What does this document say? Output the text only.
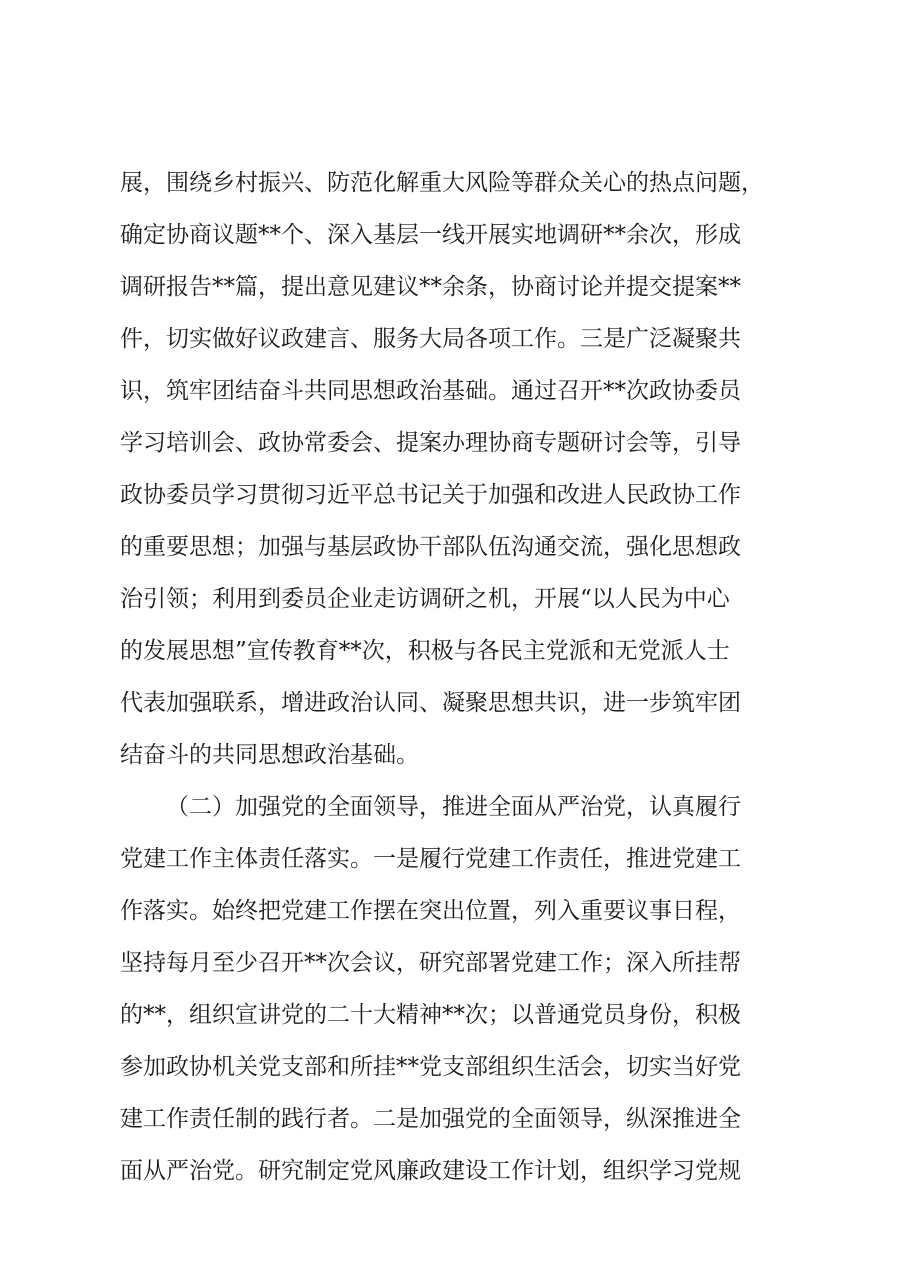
展，围绕乡村振兴、防范化解重大风险等群众关心的热点问题，
确定协商议题**个、深入基层一线开展实地调研**余次，形成
调研报告**篇，提出意见建议**余条，协商讨论并提交提案**
件，切实做好议政建言、服务大局各项工作。三是广泛凝聚共
识，筑牢团结奋斗共同思想政治基础。通过召开**次政协委员
学习培训会、政协常委会、提案办理协商专题研讨会等，引导
政协委员学习贯彻习近平总书记关于加强和改进人民政协工作
的重要思想；加强与基层政协干部队伍沟通交流，强化思想政
治引领；利用到委员企业走访调研之机，开展“以人民为中心
的发展思想”宣传教育**次，积极与各民主党派和无党派人士
代表加强联系，增进政治认同、凝聚思想共识，进一步筑牢团
结奋斗的共同思想政治基础。
（二）加强党的全面领导，推进全面从严治党，认真履行
党建工作主体责任落实。一是履行党建工作责任，推进党建工
作落实。始终把党建工作摆在突出位置，列入重要议事日程，
坚持每月至少召开**次会议，研究部署党建工作；深入所挂帮
的**，组织宣讲党的二十大精神**次；以普通党员身份，积极
参加政协机关党支部和所挂**党支部组织生活会，切实当好党
建工作责任制的践行者。二是加强党的全面领导，纵深推进全
面从严治党。研究制定党风廉政建设工作计划，组织学习党规
